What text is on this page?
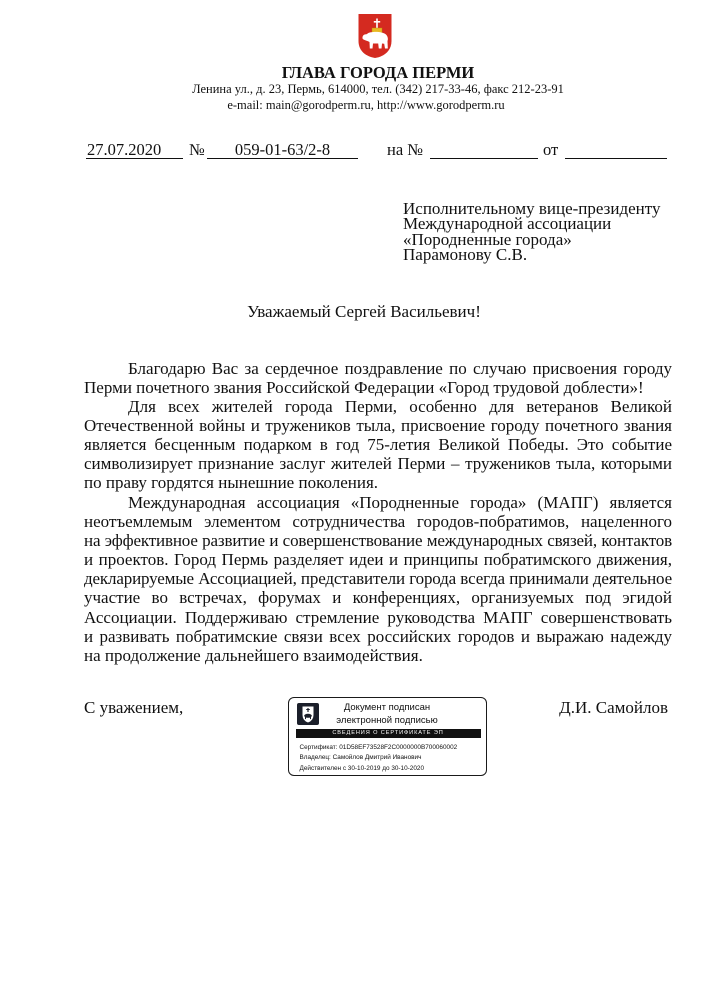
ГЛАВА ГОРОДА ПЕРМИ
Ленина ул., д. 23, Пермь, 614000, тел. (342) 217-33-46, факс 212-23-91
e-mail: main@gorodperm.ru, http://www.gorodperm.ru
27.07.2020	№	059-01-63/2-8	на №	от
Исполнительному вице-президенту
Международной ассоциации
«Породненные города»
Парамонову С.В.
Уважаемый Сергей Васильевич!
Благодарю Вас за сердечное поздравление по случаю присвоения городу
Перми почетного звания Российской Федерации «Город трудовой доблести»!
Для всех жителей города Перми, особенно для ветеранов Великой
Отечественной войны и тружеников тыла, присвоение городу почетного звания
является бесценным подарком в год 75-летия Великой Победы. Это событие
символизирует признание заслуг жителей Перми – тружеников тыла, которыми
по праву гордятся нынешние поколения.
Международная ассоциация «Породненные города» (МАПГ) является
неотъемлемым элементом сотрудничества городов-побратимов, нацеленного
на эффективное развитие и совершенствование международных связей, контактов
и проектов. Город Пермь разделяет идеи и принципы побратимского движения,
декларируемые Ассоциацией, представители города всегда принимали деятельное
участие во встречах, форумах и конференциях, организуемых под эгидой
Ассоциации. Поддерживаю стремление руководства МАПГ совершенствовать
и развивать побратимские связи всех российских городов и выражаю надежду
на продолжение дальнейшего взаимодействия.
С уважением,	Д.И. Самойлов
Документ подписан
электронной подписью
СВЕДЕНИЯ О СЕРТИФИКАТЕ ЭП
Сертификат: 01D58EF73528F2C0000000B700060002
Владелец: Самойлов Дмитрий Иванович
Действителен с 30-10-2019 до 30-10-2020
